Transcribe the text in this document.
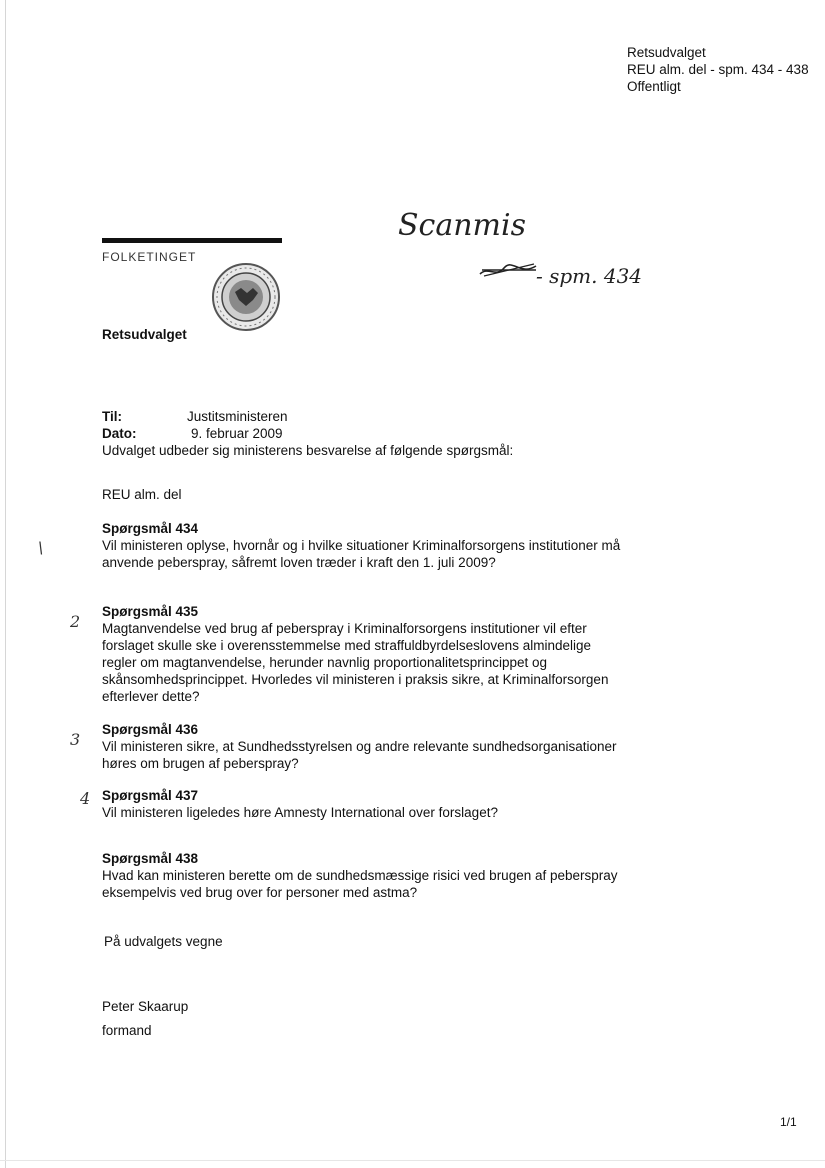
Retsudvalget
REU alm. del - spm. 434 - 438
Offentligt
Scanmis
- spm. 434
FOLKETINGET
Retsudvalget
Til:	Justitsministeren
Dato:	9. februar 2009
Udvalget udbeder sig ministerens besvarelse af følgende spørgsmål:
REU alm. del
Spørgsmål 434
Vil ministeren oplyse, hvornår og i hvilke situationer Kriminalforsorgens institutioner må anvende peberspray, såfremt loven træder i kraft den 1. juli 2009?
\
Spørgsmål 435
Magtanvendelse ved brug af peberspray i Kriminalforsorgens institutioner vil efter forslaget skulle ske i overensstemmelse med straffuldbyrdelseslovens almindelige regler om magtanvendelse, herunder navnlig proportionalitetsprincippet og skånsomhedsprincippet. Hvorledes vil ministeren i praksis sikre, at Kriminalforsorgen efterlever dette?
2
Spørgsmål 436
Vil ministeren sikre, at Sundhedsstyrelsen og andre relevante sundhedsorganisationer høres om brugen af peberspray?
3
Spørgsmål 437
Vil ministeren ligeledes høre Amnesty International over forslaget?
4
Spørgsmål 438
Hvad kan ministeren berette om de sundhedsmæssige risici ved brugen af peberspray eksempelvis ved brug over for personer med astma?
På udvalgets vegne
Peter Skaarup
formand
1/1
